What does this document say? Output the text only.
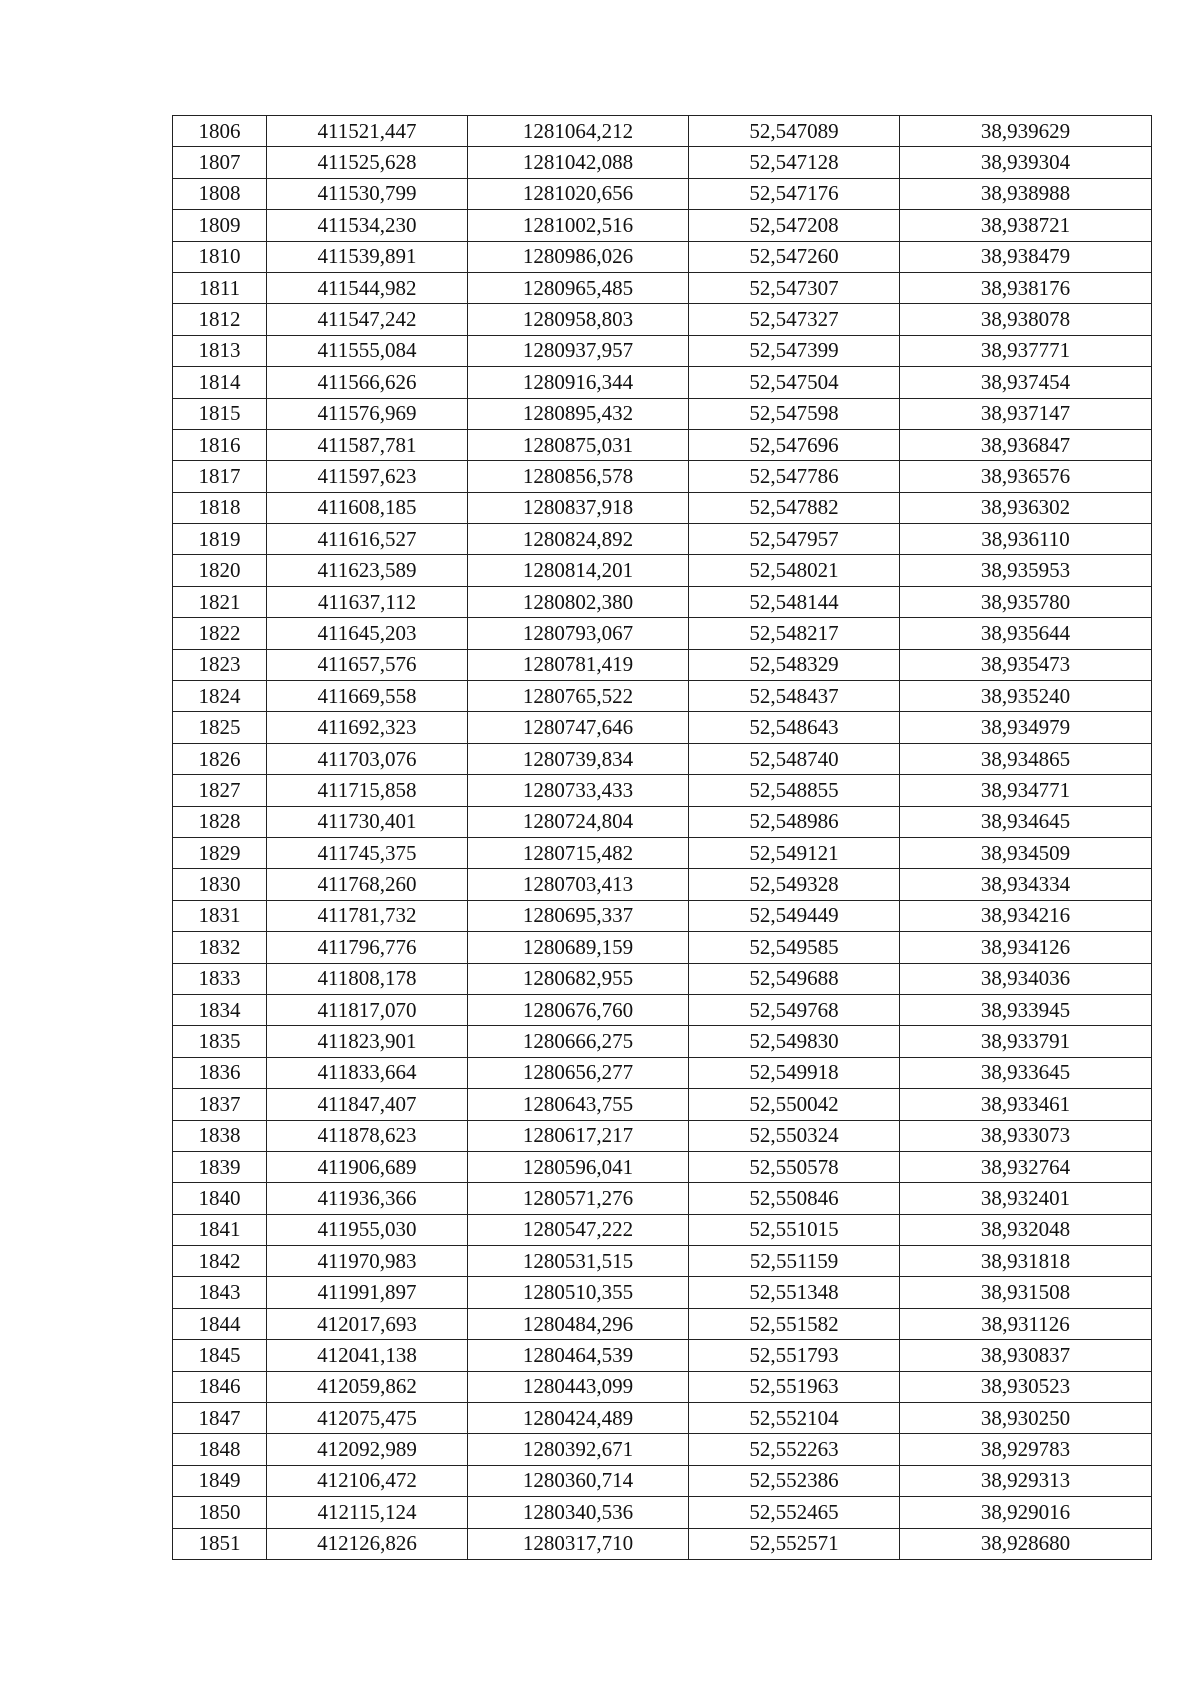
1806	411521,447	1281064,212	52,547089	38,939629
1807	411525,628	1281042,088	52,547128	38,939304
1808	411530,799	1281020,656	52,547176	38,938988
1809	411534,230	1281002,516	52,547208	38,938721
1810	411539,891	1280986,026	52,547260	38,938479
1811	411544,982	1280965,485	52,547307	38,938176
1812	411547,242	1280958,803	52,547327	38,938078
1813	411555,084	1280937,957	52,547399	38,937771
1814	411566,626	1280916,344	52,547504	38,937454
1815	411576,969	1280895,432	52,547598	38,937147
1816	411587,781	1280875,031	52,547696	38,936847
1817	411597,623	1280856,578	52,547786	38,936576
1818	411608,185	1280837,918	52,547882	38,936302
1819	411616,527	1280824,892	52,547957	38,936110
1820	411623,589	1280814,201	52,548021	38,935953
1821	411637,112	1280802,380	52,548144	38,935780
1822	411645,203	1280793,067	52,548217	38,935644
1823	411657,576	1280781,419	52,548329	38,935473
1824	411669,558	1280765,522	52,548437	38,935240
1825	411692,323	1280747,646	52,548643	38,934979
1826	411703,076	1280739,834	52,548740	38,934865
1827	411715,858	1280733,433	52,548855	38,934771
1828	411730,401	1280724,804	52,548986	38,934645
1829	411745,375	1280715,482	52,549121	38,934509
1830	411768,260	1280703,413	52,549328	38,934334
1831	411781,732	1280695,337	52,549449	38,934216
1832	411796,776	1280689,159	52,549585	38,934126
1833	411808,178	1280682,955	52,549688	38,934036
1834	411817,070	1280676,760	52,549768	38,933945
1835	411823,901	1280666,275	52,549830	38,933791
1836	411833,664	1280656,277	52,549918	38,933645
1837	411847,407	1280643,755	52,550042	38,933461
1838	411878,623	1280617,217	52,550324	38,933073
1839	411906,689	1280596,041	52,550578	38,932764
1840	411936,366	1280571,276	52,550846	38,932401
1841	411955,030	1280547,222	52,551015	38,932048
1842	411970,983	1280531,515	52,551159	38,931818
1843	411991,897	1280510,355	52,551348	38,931508
1844	412017,693	1280484,296	52,551582	38,931126
1845	412041,138	1280464,539	52,551793	38,930837
1846	412059,862	1280443,099	52,551963	38,930523
1847	412075,475	1280424,489	52,552104	38,930250
1848	412092,989	1280392,671	52,552263	38,929783
1849	412106,472	1280360,714	52,552386	38,929313
1850	412115,124	1280340,536	52,552465	38,929016
1851	412126,826	1280317,710	52,552571	38,928680
